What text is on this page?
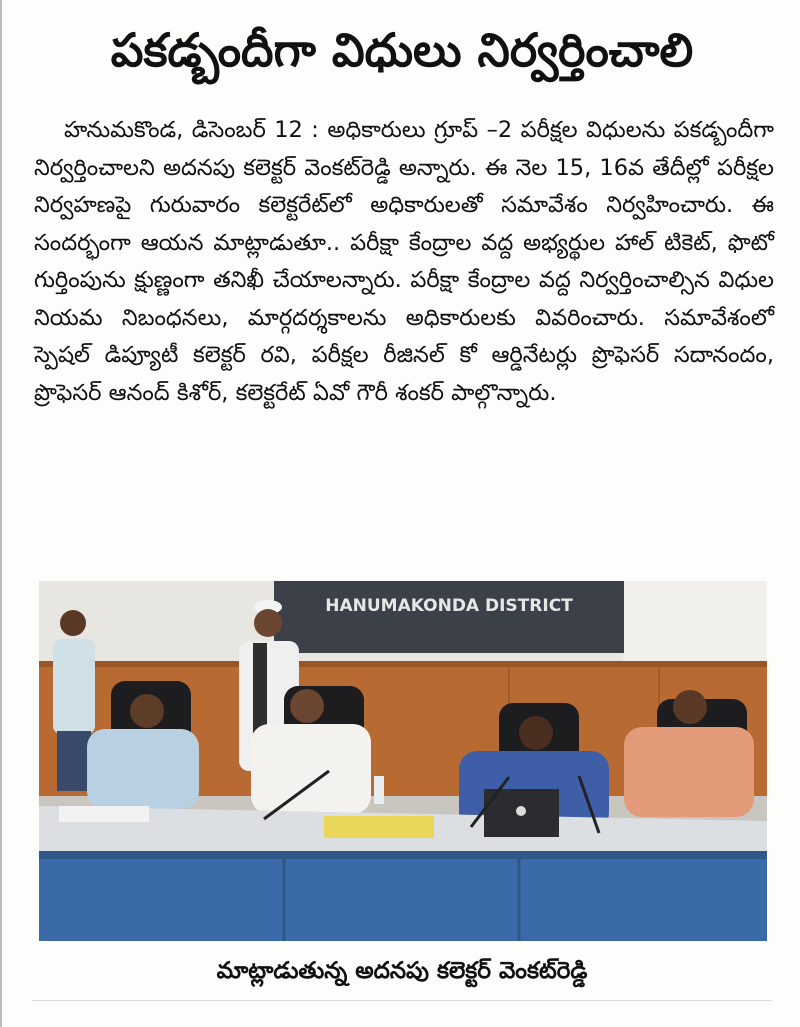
పకడ్బందీగా విధులు నిర్వర్తించాలి
హనుమకొండ, డిసెంబర్ 12 : అధికారులు గ్రూప్ –2 పరీక్షల విధులను పకడ్బందీగా నిర్వర్తించాలని అదనపు కలెక్టర్ వెంకట్‌రెడ్డి అన్నారు. ఈ నెల 15, 16వ తేదీల్లో పరీక్షల నిర్వహణపై గురువారం కలెక్టరేట్‌లో అధికారులతో సమావేశం నిర్వహించారు. ఈ సందర్భంగా ఆయన మాట్లాడుతూ.. పరీక్షా కేంద్రాల వద్ద అభ్యర్థుల హాల్ టికెట్, ఫొటో గుర్తింపును క్షుణ్ణంగా తనిఖీ చేయాలన్నారు. పరీక్షా కేంద్రాల వద్ద నిర్వర్తించాల్సిన విధుల నియమ నిబంధనలు, మార్గదర్శకాలను అధికారులకు వివరించారు. సమావేశంలో స్పెషల్ డిప్యూటీ కలెక్టర్ రవి, పరీక్షల రీజినల్ కో ఆర్డినేటర్లు ప్రొఫెసర్ సదానందం, ప్రొఫెసర్ ఆనంద్ కిశోర్, కలెక్టరేట్ ఏవో గౌరీ శంకర్ పాల్గొన్నారు.
HANUMAKONDA DISTRICT
మాట్లాడుతున్న అదనపు కలెక్టర్ వెంకట్‌రెడ్డి
